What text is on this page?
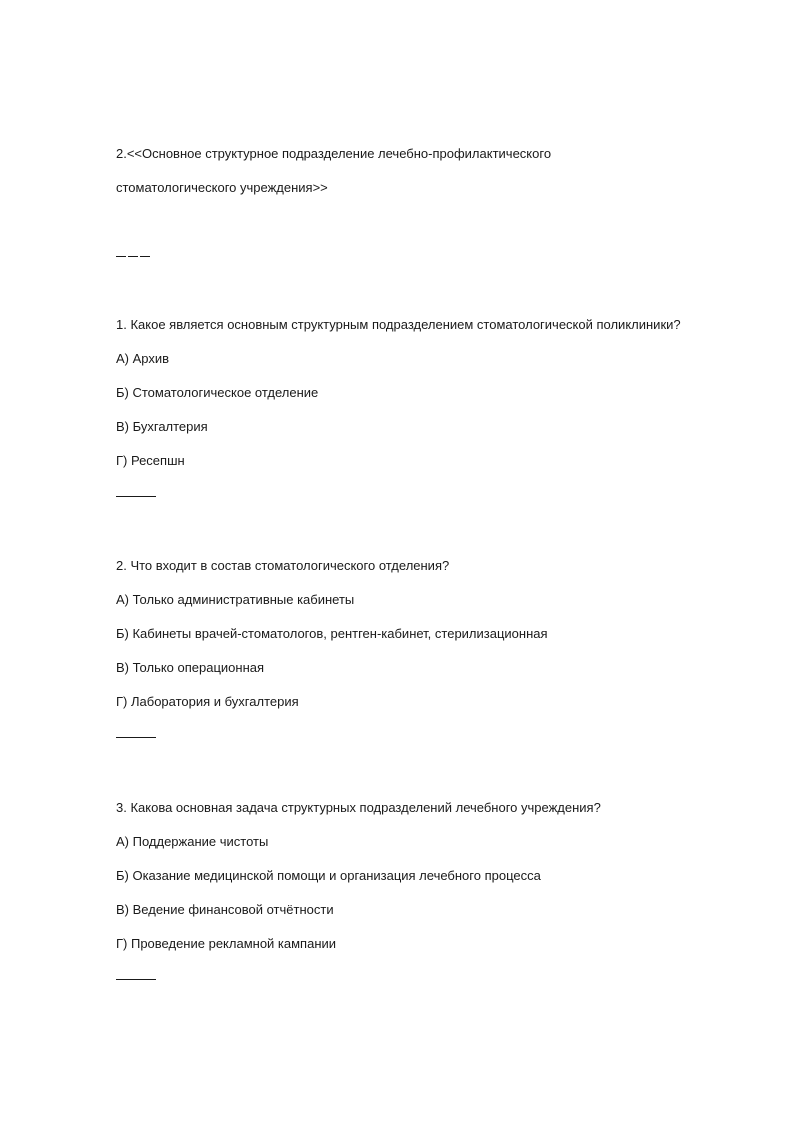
2.<<Основное структурное подразделение лечебно-профилактического
стоматологического учреждения>>
1. Какое является основным структурным подразделением стоматологической поликлиники?
А) Архив
Б) Стоматологическое отделение
В) Бухгалтерия
Г) Ресепшн
2. Что входит в состав стоматологического отделения?
А) Только административные кабинеты
Б) Кабинеты врачей-стоматологов, рентген-кабинет, стерилизационная
В) Только операционная
Г) Лаборатория и бухгалтерия
3. Какова основная задача структурных подразделений лечебного учреждения?
А) Поддержание чистоты
Б) Оказание медицинской помощи и организация лечебного процесса
В) Ведение финансовой отчётности
Г) Проведение рекламной кампании
